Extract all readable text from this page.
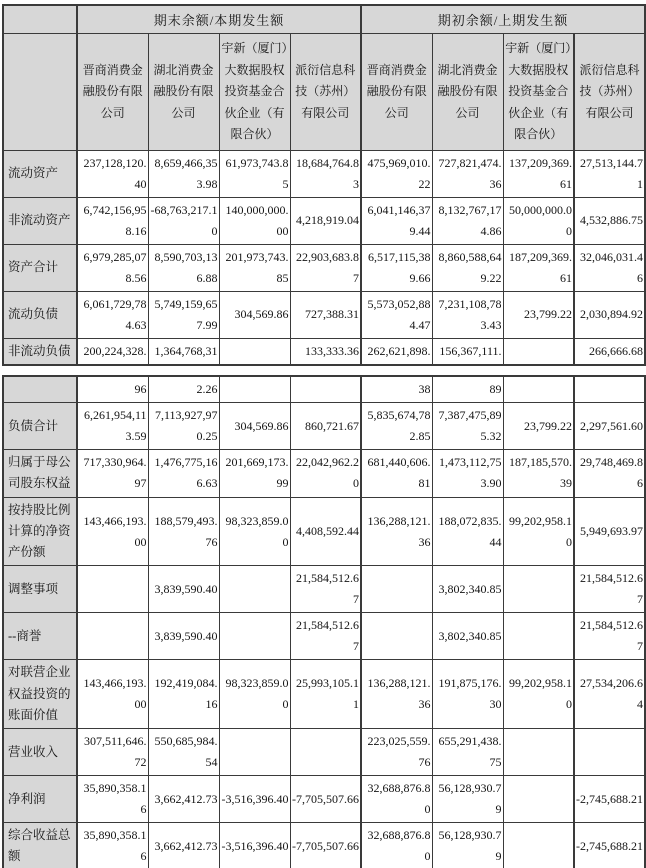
	期末余额/本期发生额				期初余额/上期发生额			
	晋商消费金融股份有限公司	湖北消费金融股份有限公司	宇新（厦门）大数据股权投资基金合伙企业（有限合伙）	派衍信息科技（苏州）有限公司	晋商消费金融股份有限公司	湖北消费金融股份有限公司	宇新（厦门）大数据股权投资基金合伙企业（有限合伙）	派衍信息科技（苏州）有限公司
流动资产	237,128,120.40	8,659,466,353.98	61,973,743.85	18,684,764.83	475,969,010.22	727,821,474.36	137,209,369.61	27,513,144.71
非流动资产	6,742,156,958.16	-68,763,217.10	140,000,000.00	4,218,919.04	6,041,146,379.44	8,132,767,174.86	50,000,000.00	4,532,886.75
资产合计	6,979,285,078.56	8,590,703,136.88	201,973,743.85	22,903,683.87	6,517,115,389.66	8,860,588,649.22	187,209,369.61	32,046,031.46
流动负债	6,061,729,784.63	5,749,159,657.99	304,569.86	727,388.31	5,573,052,884.47	7,231,108,783.43	23,799.22	2,030,894.92
非流动负债	200,224,328.	1,364,768,31		133,333.36	262,621,898.	156,367,111.		266,666.68
	96	2.26			38	89		
负债合计	6,261,954,113.59	7,113,927,970.25	304,569.86	860,721.67	5,835,674,782.85	7,387,475,895.32	23,799.22	2,297,561.60
归属于母公司股东权益	717,330,964.97	1,476,775,166.63	201,669,173.99	22,042,962.20	681,440,606.81	1,473,112,753.90	187,185,570.39	29,748,469.86
按持股比例计算的净资产份额	143,466,193.00	188,579,493.76	98,323,859.00	4,408,592.44	136,288,121.36	188,072,835.44	99,202,958.10	5,949,693.97
调整事项		3,839,590.40		21,584,512.67		3,802,340.85		21,584,512.67
--商誉		3,839,590.40		21,584,512.67		3,802,340.85		21,584,512.67
对联营企业权益投资的账面价值	143,466,193.00	192,419,084.16	98,323,859.00	25,993,105.11	136,288,121.36	191,875,176.30	99,202,958.10	27,534,206.64
营业收入	307,511,646.72	550,685,984.54			223,025,559.76	655,291,438.75		
净利润	35,890,358.16	3,662,412.73	-3,516,396.40	-7,705,507.66	32,688,876.80	56,128,930.79		-2,745,688.21
综合收益总额	35,890,358.16	3,662,412.73	-3,516,396.40	-7,705,507.66	32,688,876.80	56,128,930.79		-2,745,688.21
